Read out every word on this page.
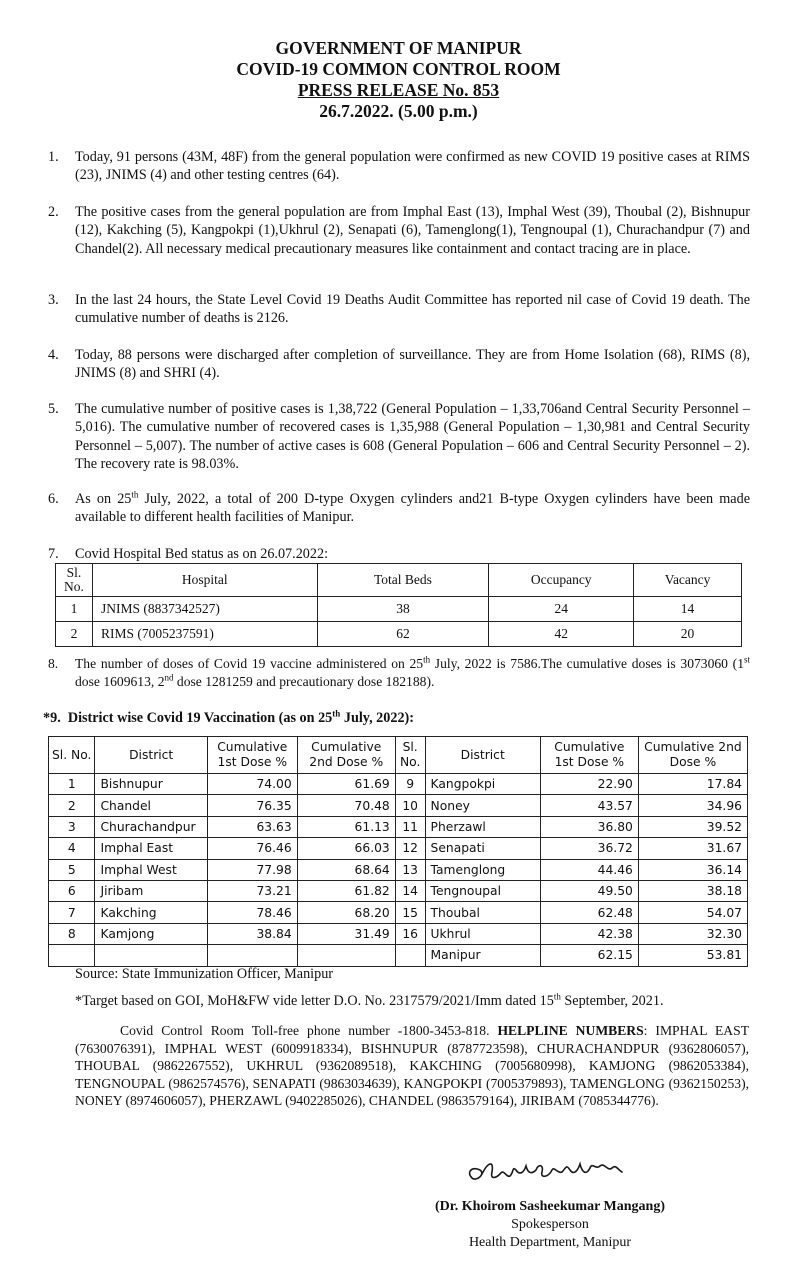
GOVERNMENT OF MANIPUR
COVID-19 COMMON CONTROL ROOM
PRESS RELEASE No. 853
26.7.2022. (5.00 p.m.)
1. Today, 91 persons (43M, 48F) from the general population were confirmed as new COVID 19 positive cases at RIMS (23), JNIMS (4) and other testing centres (64).
2. The positive cases from the general population are from Imphal East (13), Imphal West (39), Thoubal (2), Bishnupur (12), Kakching (5), Kangpokpi (1),Ukhrul (2), Senapati (6), Tamenglong(1), Tengnoupal (1), Churachandpur (7) and Chandel(2). All necessary medical precautionary measures like containment and contact tracing are in place.
3. In the last 24 hours, the State Level Covid 19 Deaths Audit Committee has reported nil case of Covid 19 death. The cumulative number of deaths is 2126.
4. Today, 88 persons were discharged after completion of surveillance. They are from Home Isolation (68), RIMS (8), JNIMS (8) and SHRI (4).
5. The cumulative number of positive cases is 1,38,722 (General Population – 1,33,706and Central Security Personnel – 5,016). The cumulative number of recovered cases is 1,35,988 (General Population – 1,30,981 and Central Security Personnel – 5,007). The number of active cases is 608 (General Population – 606 and Central Security Personnel – 2). The recovery rate is 98.03%.
6. As on 25th July, 2022, a total of 200 D-type Oxygen cylinders and21 B-type Oxygen cylinders have been made available to different health facilities of Manipur.
7. Covid Hospital Bed status as on 26.07.2022:
Sl. No.	Hospital	Total Beds	Occupancy	Vacancy
1	JNIMS (8837342527)	38	24	14
2	RIMS (7005237591)	62	42	20
8. The number of doses of Covid 19 vaccine administered on 25th July, 2022 is 7586.The cumulative doses is 3073060 (1st dose 1609613, 2nd dose 1281259 and precautionary dose 182188).
*9. District wise Covid 19 Vaccination (as on 25th July, 2022):
Sl. No.	District	Cumulative 1st Dose %	Cumulative 2nd Dose %	Sl. No.	District	Cumulative 1st Dose %	Cumulative 2nd Dose %
1	Bishnupur	74.00	61.69	9	Kangpokpi	22.90	17.84
2	Chandel	76.35	70.48	10	Noney	43.57	34.96
3	Churachandpur	63.63	61.13	11	Pherzawl	36.80	39.52
4	Imphal East	76.46	66.03	12	Senapati	36.72	31.67
5	Imphal West	77.98	68.64	13	Tamenglong	44.46	36.14
6	Jiribam	73.21	61.82	14	Tengnoupal	49.50	38.18
7	Kakching	78.46	68.20	15	Thoubal	62.48	54.07
8	Kamjong	38.84	31.49	16	Ukhrul	42.38	32.30
					Manipur	62.15	53.81
Source: State Immunization Officer, Manipur
*Target based on GOI, MoH&FW vide letter D.O. No. 2317579/2021/Imm dated 15th September, 2021.
Covid Control Room Toll-free phone number -1800-3453-818. HELPLINE NUMBERS: IMPHAL EAST (7630076391), IMPHAL WEST (6009918334), BISHNUPUR (8787723598), CHURACHANDPUR (9362806057), THOUBAL (9862267552), UKHRUL (9362089518), KAKCHING (7005680998), KAMJONG (9862053384), TENGNOUPAL (9862574576), SENAPATI (9863034639), KANGPOKPI (7005379893), TAMENGLONG (9362150253), NONEY (8974606057), PHERZAWL (9402285026), CHANDEL (9863579164), JIRIBAM (7085344776).
(Dr. Khoirom Sasheekumar Mangang)
Spokesperson
Health Department, Manipur
